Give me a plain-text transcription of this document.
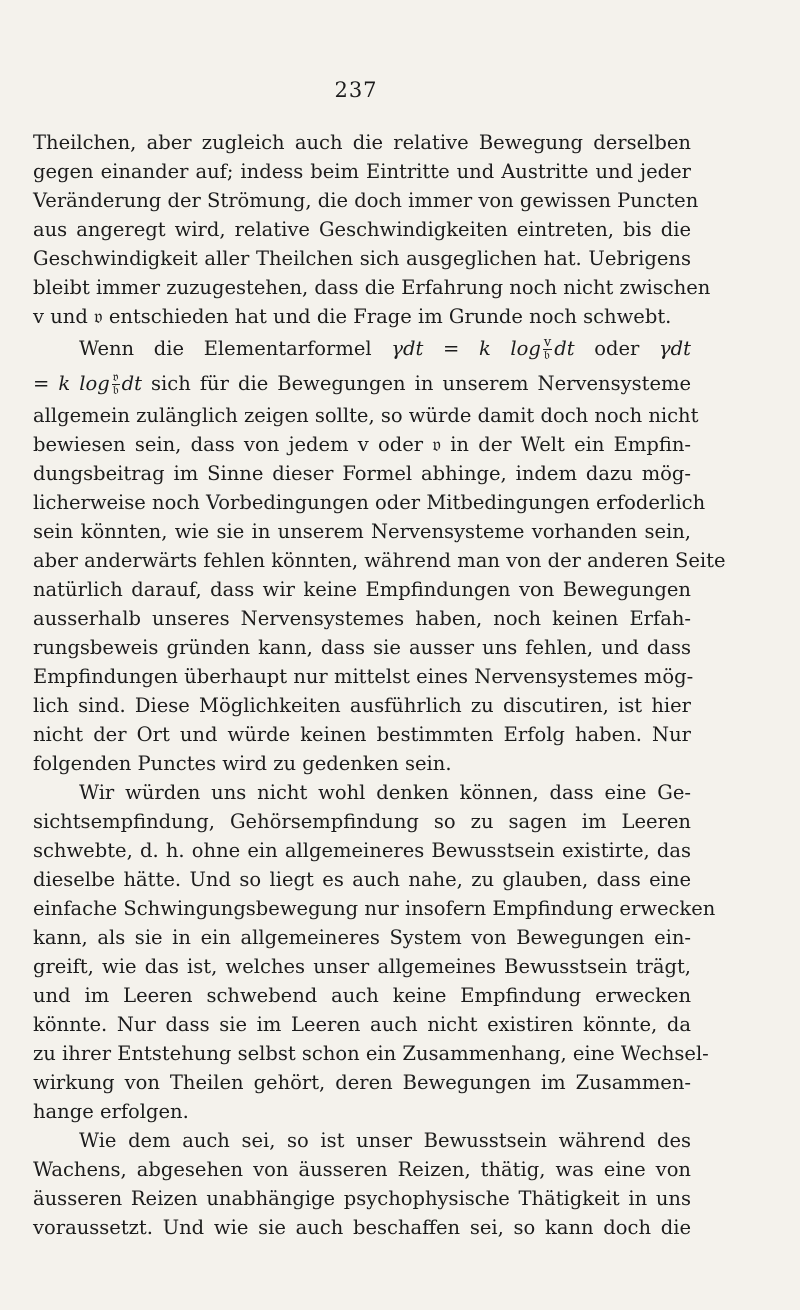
237
Theilchen, aber zugleich auch die relative Bewegung derselben
gegen einander auf; indess beim Eintritte und Austritte und jeder
Veränderung der Strömung, die doch immer von gewissen Puncten
aus angeregt wird, relative Geschwindigkeiten eintreten, bis die
Geschwindigkeit aller Theilchen sich ausgeglichen hat. Uebrigens
bleibt immer zuzugestehen, dass die Erfahrung noch nicht zwischen
v und 𝔳 entschieden hat und die Frage im Grunde noch schwebt.
Wenn die Elementarformel γdt = k $\log \frac{v}{\text{𝔟}}$ dt oder γdt
= k $\log \frac{\text{𝔳}}{\text{𝔟}}$ dt sich für die Bewegungen in unserem Nervensysteme
allgemein zulänglich zeigen sollte, so würde damit doch noch nicht
bewiesen sein, dass von jedem v oder 𝔳 in der Welt ein Empfin-
dungsbeitrag im Sinne dieser Formel abhinge, indem dazu mög-
licherweise noch Vorbedingungen oder Mitbedingungen erfoderlich
sein könnten, wie sie in unserem Nervensysteme vorhanden sein,
aber anderwärts fehlen könnten, während man von der anderen Seite
natürlich darauf, dass wir keine Empfindungen von Bewegungen
ausserhalb unseres Nervensystemes haben, noch keinen Erfah-
rungsbeweis gründen kann, dass sie ausser uns fehlen, und dass
Empfindungen überhaupt nur mittelst eines Nervensystemes mög-
lich sind. Diese Möglichkeiten ausführlich zu discutiren, ist hier
nicht der Ort und würde keinen bestimmten Erfolg haben. Nur
folgenden Punctes wird zu gedenken sein.
Wir würden uns nicht wohl denken können, dass eine Ge-
sichtsempfindung, Gehörsempfindung so zu sagen im Leeren
schwebte, d. h. ohne ein allgemeineres Bewusstsein existirte, das
dieselbe hätte. Und so liegt es auch nahe, zu glauben, dass eine
einfache Schwingungsbewegung nur insofern Empfindung erwecken
kann, als sie in ein allgemeineres System von Bewegungen ein-
greift, wie das ist, welches unser allgemeines Bewusstsein trägt,
und im Leeren schwebend auch keine Empfindung erwecken
könnte. Nur dass sie im Leeren auch nicht existiren könnte, da
zu ihrer Entstehung selbst schon ein Zusammenhang, eine Wechsel-
wirkung von Theilen gehört, deren Bewegungen im Zusammen-
hange erfolgen.
Wie dem auch sei, so ist unser Bewusstsein während des
Wachens, abgesehen von äusseren Reizen, thätig, was eine von
äusseren Reizen unabhängige psychophysische Thätigkeit in uns
voraussetzt. Und wie sie auch beschaffen sei, so kann doch die
